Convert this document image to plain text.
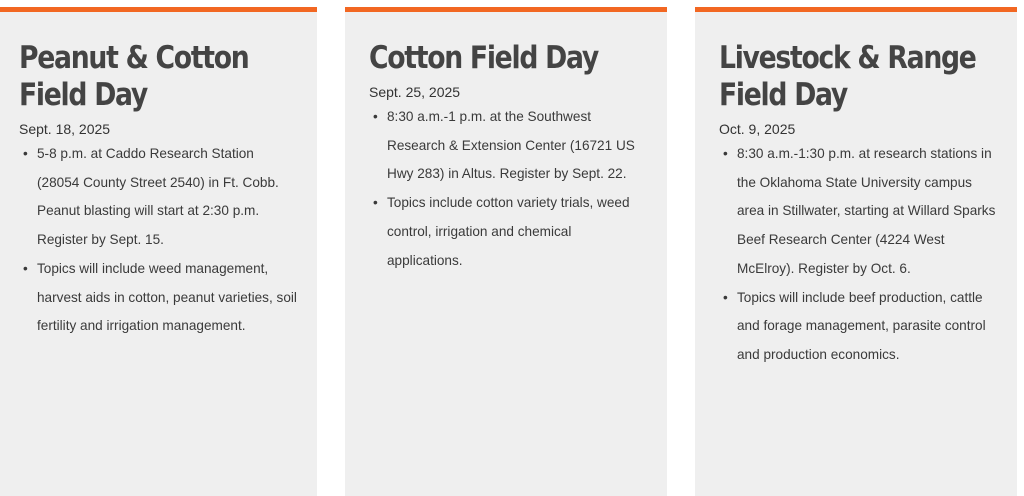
Peanut & Cotton Field Day
Sept. 18, 2025
• 5-8 p.m. at Caddo Research Station (28054 County Street 2540) in Ft. Cobb. Peanut blasting will start at 2:30 p.m. Register by Sept. 15.
• Topics will include weed management, harvest aids in cotton, peanut varieties, soil fertility and irrigation management.
Cotton Field Day
Sept. 25, 2025
• 8:30 a.m.-1 p.m. at the Southwest Research & Extension Center (16721 US Hwy 283) in Altus. Register by Sept. 22.
• Topics include cotton variety trials, weed control, irrigation and chemical applications.
Livestock & Range Field Day
Oct. 9, 2025
• 8:30 a.m.-1:30 p.m. at research stations in the Oklahoma State University campus area in Stillwater, starting at Willard Sparks Beef Research Center (4224 West McElroy). Register by Oct. 6.
• Topics will include beef production, cattle and forage management, parasite control and production economics.
